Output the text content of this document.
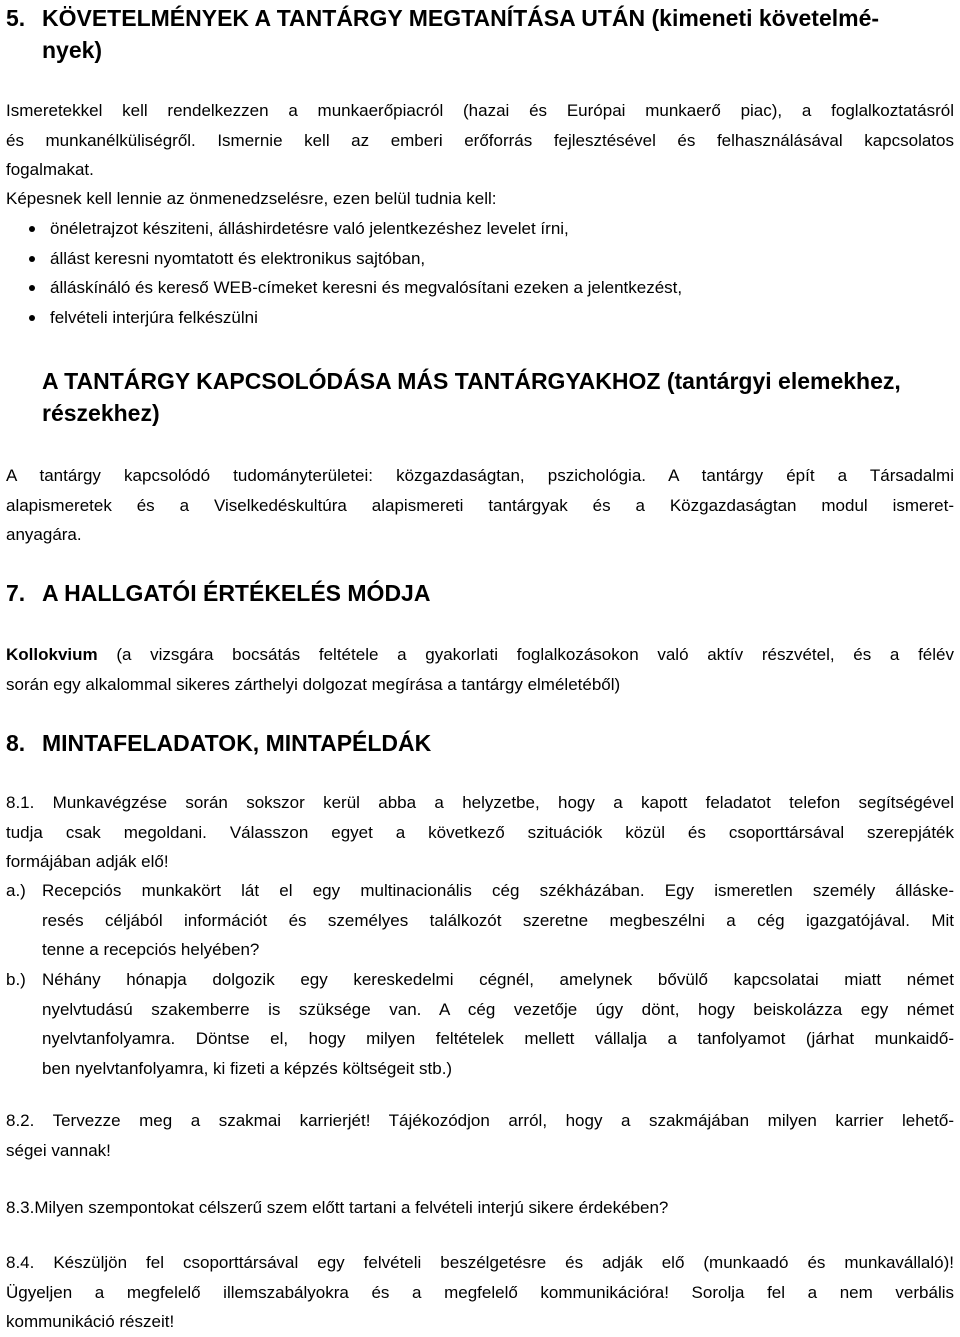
5. KÖVETELMÉNYEK A TANTÁRGY MEGTANÍTÁSA UTÁN (kimeneti követelmé-
nyek)
Ismeretekkel kell rendelkezzen a munkaerőpiacról (hazai és Európai munkaerő piac), a foglalkoztatásról
és munkanélküliségről. Ismernie kell az emberi erőforrás fejlesztésével és felhasználásával kapcsolatos
fogalmakat.
Képesnek kell lennie az önmenedzselésre, ezen belül tudnia kell:
önéletrajzot késziteni, álláshirdetésre való jelentkezéshez levelet írni,
állást keresni nyomtatott és elektronikus sajtóban,
álláskínáló és kereső WEB-címeket keresni és megvalósítani ezeken a jelentkezést,
felvételi interjúra felkészülni
A TANTÁRGY KAPCSOLÓDÁSA MÁS TANTÁRGYAKHOZ (tantárgyi elemekhez, részekhez)
A tantárgy kapcsolódó tudományterületei: közgazdaságtan, pszichológia. A tantárgy épít a Társadalmi
alapismeretek és a Viselkedéskultúra alapismereti tantárgyak és a Közgazdaságtan modul ismeret-
anyagára.
7. A HALLGATÓI ÉRTÉKELÉS MÓDJA
Kollokvium (a vizsgára bocsátás feltétele a gyakorlati foglalkozásokon való aktív részvétel, és a félév
során egy alkalommal sikeres zárthelyi dolgozat megírása a tantárgy elméletéből)
8. MINTAFELADATOK, MINTAPÉLDÁK
8.1. Munkavégzése során sokszor kerül abba a helyzetbe, hogy a kapott feladatot telefon segítségével
tudja csak megoldani. Válasszon egyet a következő szituációk közül és csoporttársával szerepjáték
formájában adják elő!
a.) Recepciós munkakört lát el egy multinacionális cég székházában. Egy ismeretlen személy álláske-
resés céljából információt és személyes találkozót szeretne megbeszélni a cég igazgatójával. Mit
tenne a recepciós helyében?
b.) Néhány hónapja dolgozik egy kereskedelmi cégnél, amelynek bővülő kapcsolatai miatt német
nyelvtudású szakemberre is szüksége van. A cég vezetője úgy dönt, hogy beiskolázza egy német
nyelvtanfolyamra. Döntse el, hogy milyen feltételek mellett vállalja a tanfolyamot (járhat munkaidő-
ben nyelvtanfolyamra, ki fizeti a képzés költségeit stb.)
8.2. Tervezze meg a szakmai karrierjét! Tájékozódjon arról, hogy a szakmájában milyen karrier lehető-
ségei vannak!
8.3.Milyen szempontokat célszerű szem előtt tartani a felvételi interjú sikere érdekében?
8.4. Készüljön fel csoporttársával egy felvételi beszélgetésre és adják elő (munkaadó és munkavállaló)!
Ügyeljen a megfelelő illemszabályokra és a megfelelő kommunikációra! Sorolja fel a nem verbális
kommunikáció részeit!
